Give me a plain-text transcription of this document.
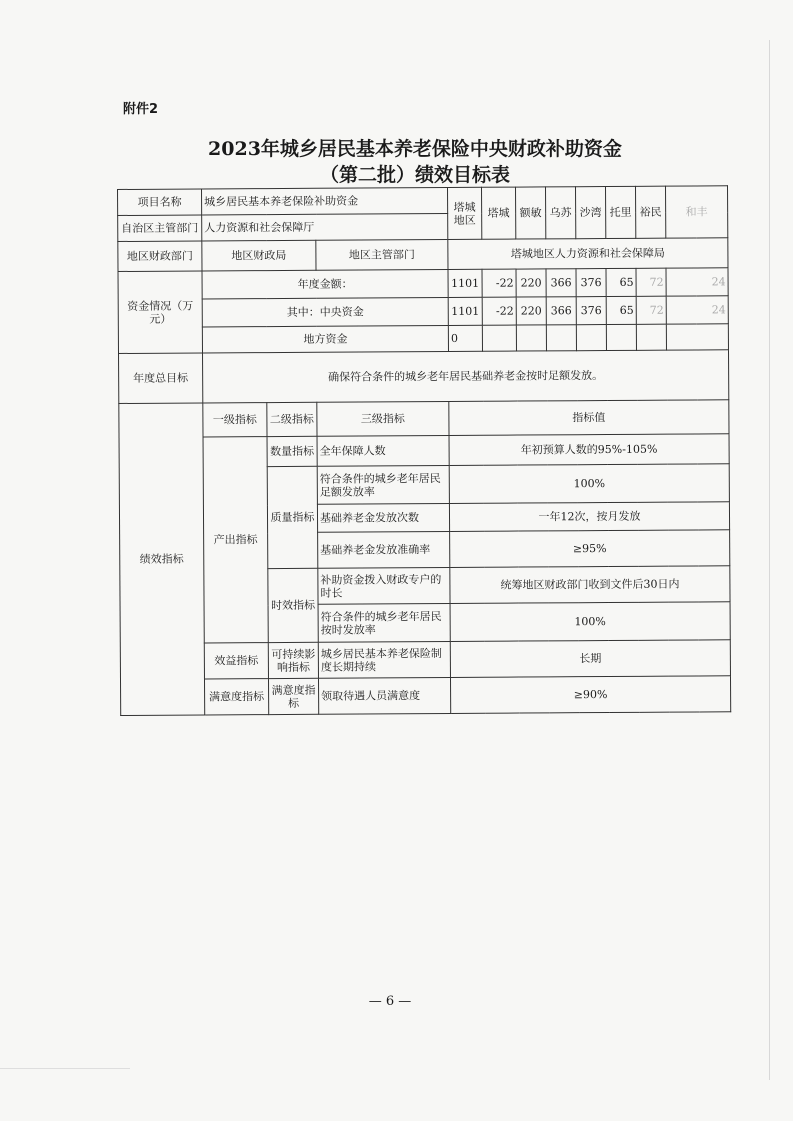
附件2
2023年城乡居民基本养老保险中央财政补助资金
（第二批）绩效目标表
项目名称	城乡居民基本养老保险补助资金			塔城地区	塔城	额敏	乌苏	沙湾	托里	裕民	和丰
自治区主管部门	人力资源和社会保障厅										
地区财政部门	地区财政局		地区主管部门	塔城地区人力资源和社会保障局							
资金情况（万元）	年度金额：			1101	-22	220	366	376	65	72	24
	其中：中央资金			1101	-22	220	366	376	65	72	24
	地方资金			0							
年度总目标	确保符合条件的城乡老年居民基础养老金按时足额发放。										
绩效指标	一级指标	二级指标	三级指标	指标值							
	产出指标	数量指标	全年保障人数	年初预算人数的95%-105%							
		质量指标	符合条件的城乡老年居民足额发放率	100%							
			基础养老金发放次数	一年12次，按月发放							
			基础养老金发放准确率	≥95%							
		时效指标	补助资金拨入财政专户的时长	统筹地区财政部门收到文件后30日内							
			符合条件的城乡老年居民按时发放率	100%							
	效益指标	可持续影响指标	城乡居民基本养老保险制度长期持续	长期							
	满意度指标	满意度指标	领取待遇人员满意度	≥90%							
— 6 —
